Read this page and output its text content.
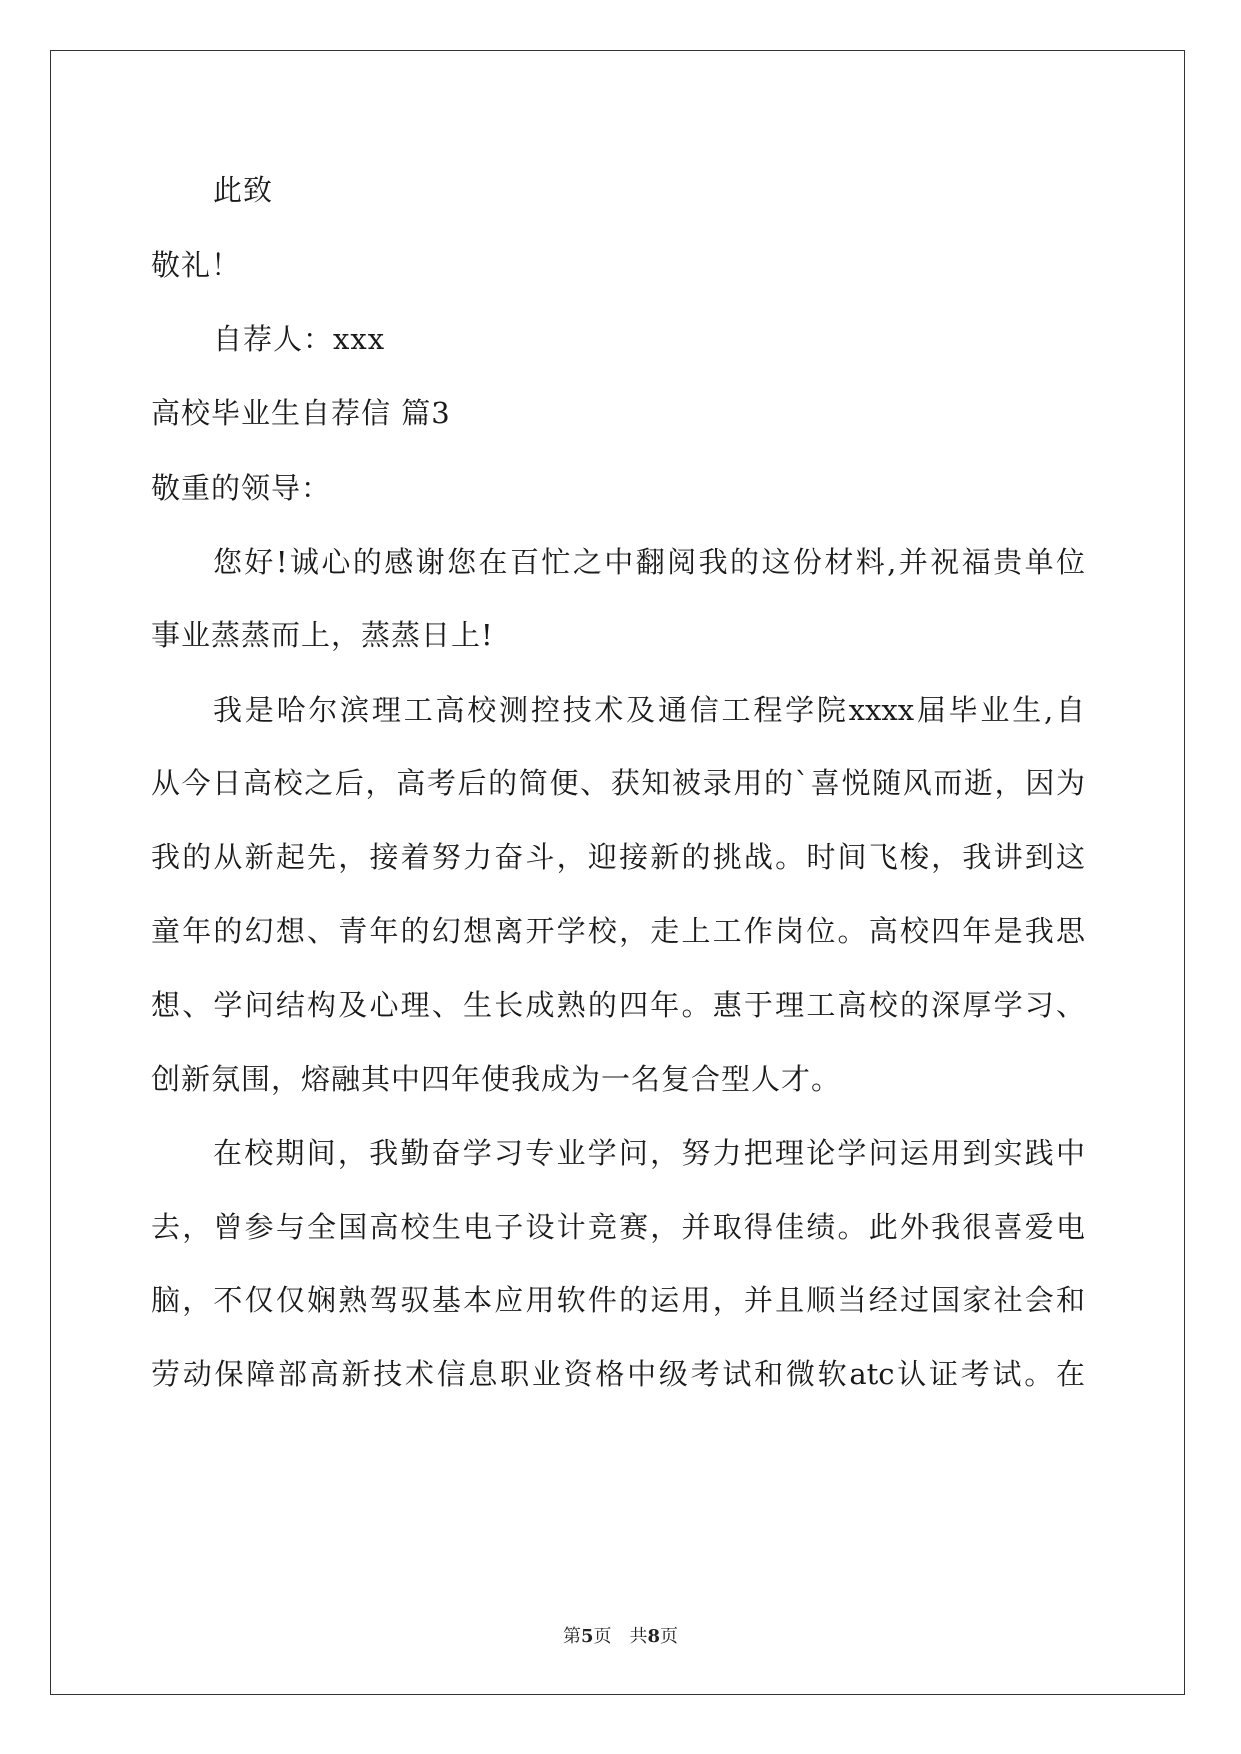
此致
敬礼！
自荐人：xxx
高校毕业生自荐信 篇3
敬重的领导：
您好!诚心的感谢您在百忙之中翻阅我的这份材料,并祝福贵单位
事业蒸蒸而上，蒸蒸日上!
我是哈尔滨理工高校测控技术及通信工程学院xxxx届毕业生,自
从今日高校之后，高考后的简便、获知被录用的`喜悦随风而逝，因为
我的从新起先，接着努力奋斗，迎接新的挑战。时间飞梭，我讲到这
童年的幻想、青年的幻想离开学校，走上工作岗位。高校四年是我思
想、学问结构及心理、生长成熟的四年。惠于理工高校的深厚学习、
创新氛围，熔融其中四年使我成为一名复合型人才。
在校期间，我勤奋学习专业学问，努力把理论学问运用到实践中
去，曾参与全国高校生电子设计竞赛，并取得佳绩。此外我很喜爱电
脑，不仅仅娴熟驾驭基本应用软件的运用，并且顺当经过国家社会和
劳动保障部高新技术信息职业资格中级考试和微软atc认证考试。在
第5页　共8页
